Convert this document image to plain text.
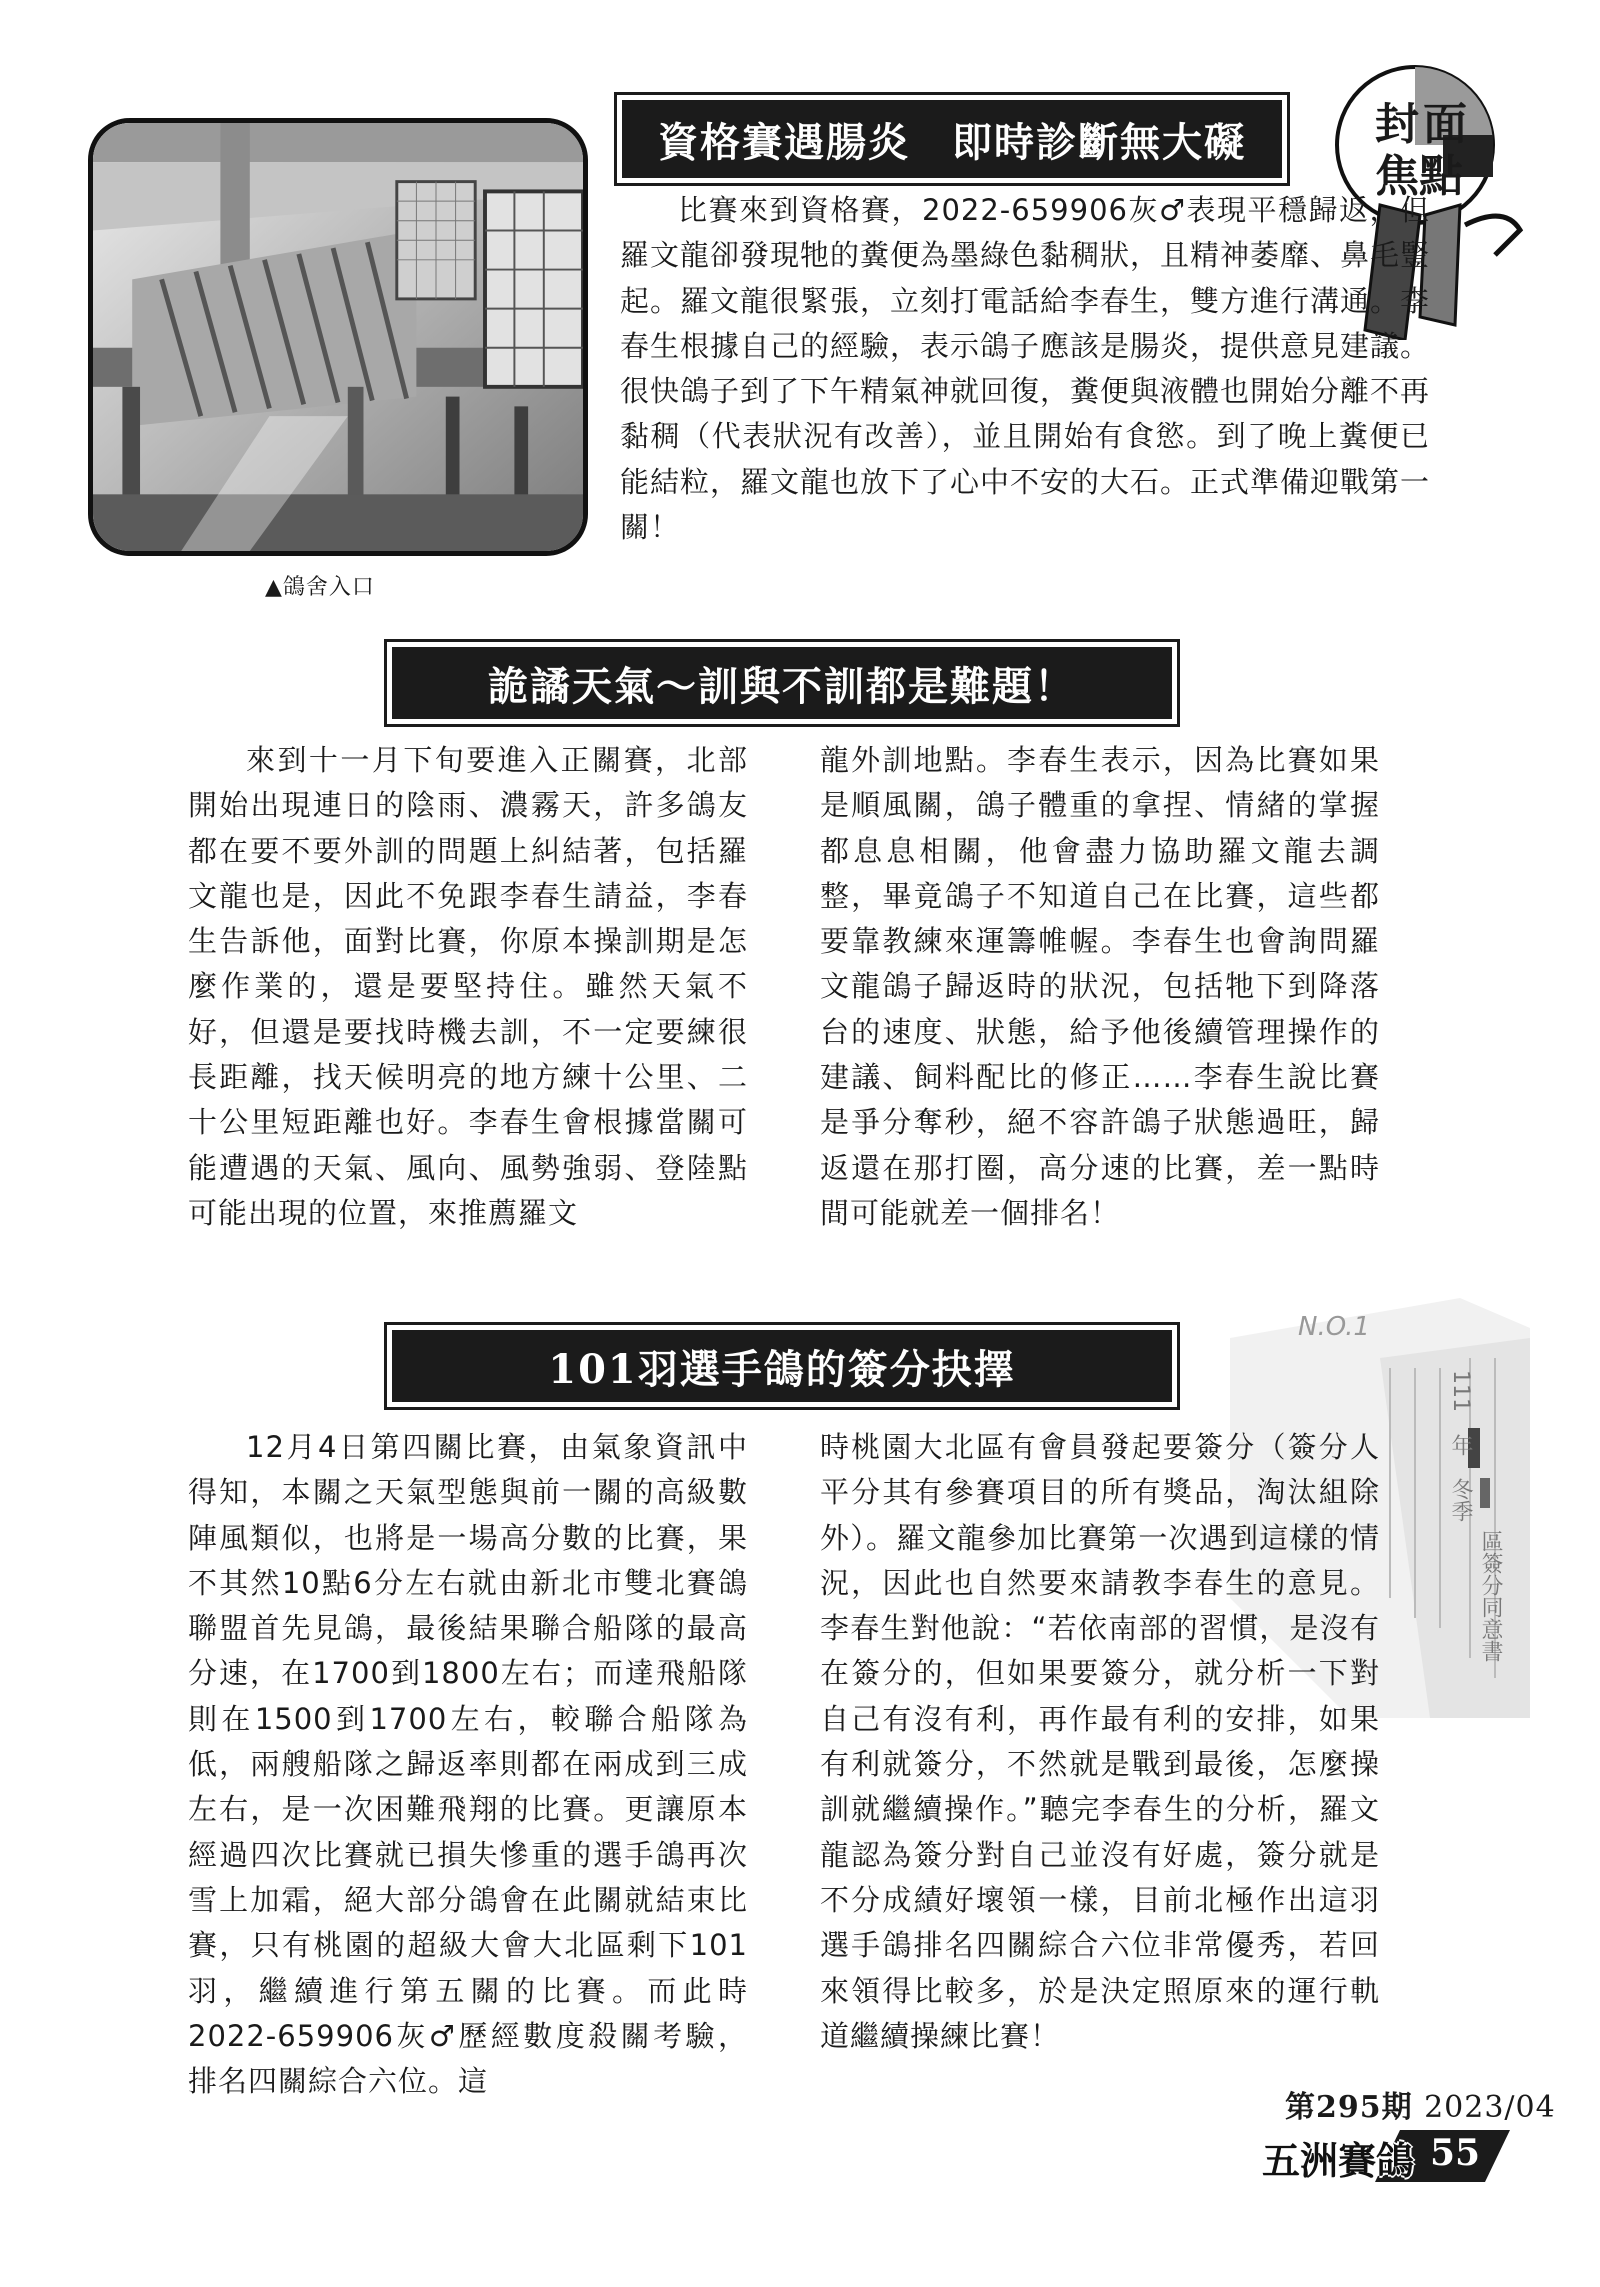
▲鴿舍入口
封面
焦點
資格賽遇腸炎　即時診斷無大礙
比賽來到資格賽，2022-659906灰♂表現平穩歸返，但羅文龍卻發現牠的糞便為墨綠色黏稠狀，且精神萎靡、鼻毛豎起。羅文龍很緊張，立刻打電話給李春生，雙方進行溝通。李春生根據自己的經驗，表示鴿子應該是腸炎，提供意見建議。很快鴿子到了下午精氣神就回復，糞便與液體也開始分離不再黏稠（代表狀況有改善），並且開始有食慾。到了晚上糞便已能結粒，羅文龍也放下了心中不安的大石。正式準備迎戰第一關！
詭譎天氣～訓與不訓都是難題！
來到十一月下旬要進入正關賽，北部開始出現連日的陰雨、濃霧天，許多鴿友都在要不要外訓的問題上糾結著，包括羅文龍也是，因此不免跟李春生請益，李春生告訴他，面對比賽，你原本操訓期是怎麼作業的，還是要堅持住。雖然天氣不好，但還是要找時機去訓，不一定要練很長距離，找天候明亮的地方練十公里、二十公里短距離也好。李春生會根據當關可能遭遇的天氣、風向、風勢強弱、登陸點可能出現的位置，來推薦羅文
龍外訓地點。李春生表示，因為比賽如果是順風關，鴿子體重的拿捏、情緒的掌握都息息相關，他會盡力協助羅文龍去調整，畢竟鴿子不知道自己在比賽，這些都要靠教練來運籌帷幄。李春生也會詢問羅文龍鴿子歸返時的狀況，包括牠下到降落台的速度、狀態，給予他後續管理操作的建議、飼料配比的修正……李春生說比賽是爭分奪秒，絕不容許鴿子狀態過旺，歸返還在那打圈，高分速的比賽，差一點時間可能就差一個排名！
N.O.1
111　年　冬季
區簽分同意書
101羽選手鴿的簽分抉擇
12月4日第四關比賽，由氣象資訊中得知，本關之天氣型態與前一關的高級數陣風類似，也將是一場高分數的比賽，果不其然10點6分左右就由新北市雙北賽鴿聯盟首先見鴿，最後結果聯合船隊的最高分速，在1700到1800左右；而達飛船隊則在1500到1700左右，較聯合船隊為低，兩艘船隊之歸返率則都在兩成到三成左右，是一次困難飛翔的比賽。更讓原本經過四次比賽就已損失慘重的選手鴿再次雪上加霜，絕大部分鴿會在此關就結束比賽，只有桃園的超級大會大北區剩下101羽，繼續進行第五關的比賽。而此時2022-659906灰♂歷經數度殺關考驗，排名四關綜合六位。這
時桃園大北區有會員發起要簽分（簽分人平分其有參賽項目的所有獎品，淘汰組除外）。羅文龍參加比賽第一次遇到這樣的情況，因此也自然要來請教李春生的意見。李春生對他說：“若依南部的習慣，是沒有在簽分的，但如果要簽分，就分析一下對自己有沒有利，再作最有利的安排，如果有利就簽分，不然就是戰到最後，怎麼操訓就繼續操作。”聽完李春生的分析，羅文龍認為簽分對自己並沒有好處，簽分就是不分成績好壞領一樣，目前北極作出這羽選手鴿排名四關綜合六位非常優秀，若回來領得比較多，於是決定照原來的運行軌道繼續操練比賽！
第295期 2023/04
五洲賽鴿 55
